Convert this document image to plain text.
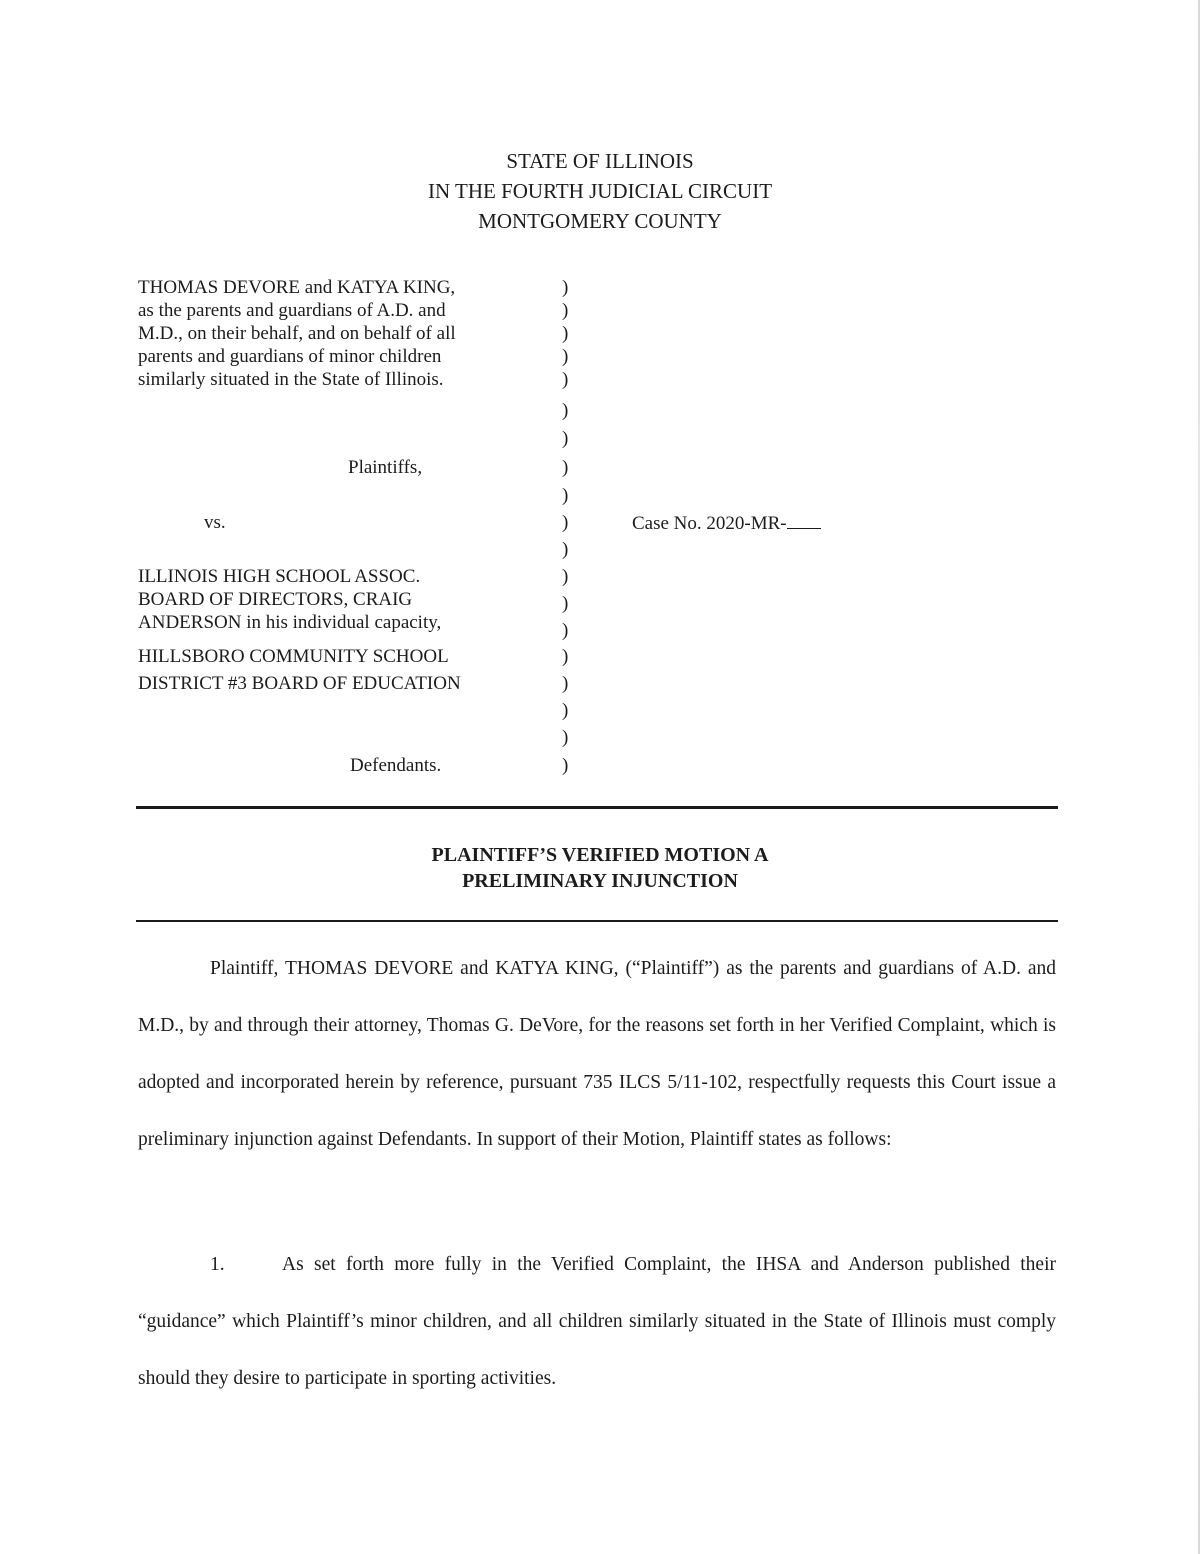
STATE OF ILLINOIS
IN THE FOURTH JUDICIAL CIRCUIT
MONTGOMERY COUNTY
THOMAS DEVORE and KATYA KING,
as the parents and guardians of A.D. and
M.D., on their behalf, and on behalf of all
parents and guardians of minor children
similarly situated in the State of Illinois.
Plaintiffs,
vs.
ILLINOIS HIGH SCHOOL ASSOC.
BOARD OF DIRECTORS, CRAIG
ANDERSON in his individual capacity,
HILLSBORO COMMUNITY SCHOOL
DISTRICT #3 BOARD OF EDUCATION
Defendants.
)
)
)
)
)
)
)
)
)
)
)
)
)
)
)
)
)
)
)
Case No. 2020-MR-
PLAINTIFF’S VERIFIED MOTION A
PRELIMINARY INJUNCTION
Plaintiff, THOMAS DEVORE and KATYA KING, (“Plaintiff”) as the parents and guardians of A.D. and M.D., by and through their attorney, Thomas G. DeVore, for the reasons set forth in her Verified Complaint, which is adopted and incorporated herein by reference, pursuant 735 ILCS 5/11-102, respectfully requests this Court issue a preliminary injunction against Defendants. In support of their Motion, Plaintiff states as follows:
1.	As set forth more fully in the Verified Complaint, the IHSA and Anderson published their “guidance” which Plaintiff’s minor children, and all children similarly situated in the State of Illinois must comply should they desire to participate in sporting activities.
